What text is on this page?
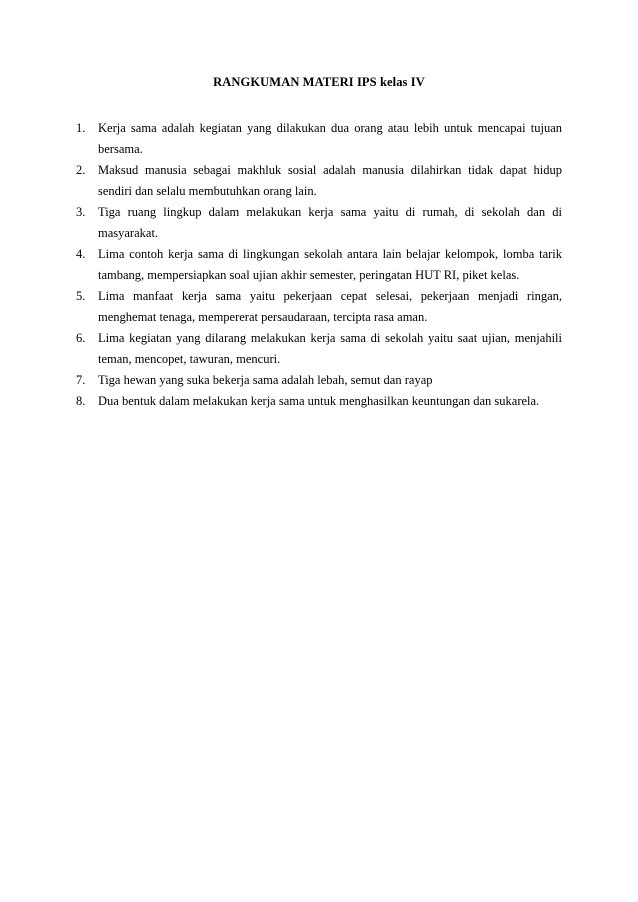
RANGKUMAN MATERI IPS kelas IV
1.	Kerja sama adalah kegiatan yang dilakukan dua orang atau lebih untuk mencapai tujuan bersama.
2.	Maksud manusia sebagai makhluk sosial adalah manusia dilahirkan tidak dapat hidup sendiri dan selalu membutuhkan orang lain.
3.	Tiga ruang lingkup dalam melakukan kerja sama yaitu di rumah, di sekolah dan di masyarakat.
4.	Lima contoh kerja sama di lingkungan sekolah antara lain belajar kelompok, lomba tarik tambang, mempersiapkan soal ujian akhir semester, peringatan HUT RI, piket kelas.
5.	Lima manfaat kerja sama yaitu pekerjaan cepat selesai, pekerjaan menjadi ringan, menghemat tenaga, mempererat persaudaraan, tercipta rasa aman.
6.	Lima kegiatan yang dilarang melakukan kerja sama di sekolah yaitu saat ujian, menjahili teman, mencopet, tawuran, mencuri.
7.	Tiga hewan yang suka bekerja sama adalah lebah, semut dan rayap
8.	Dua bentuk dalam melakukan kerja sama untuk menghasilkan keuntungan dan sukarela.
